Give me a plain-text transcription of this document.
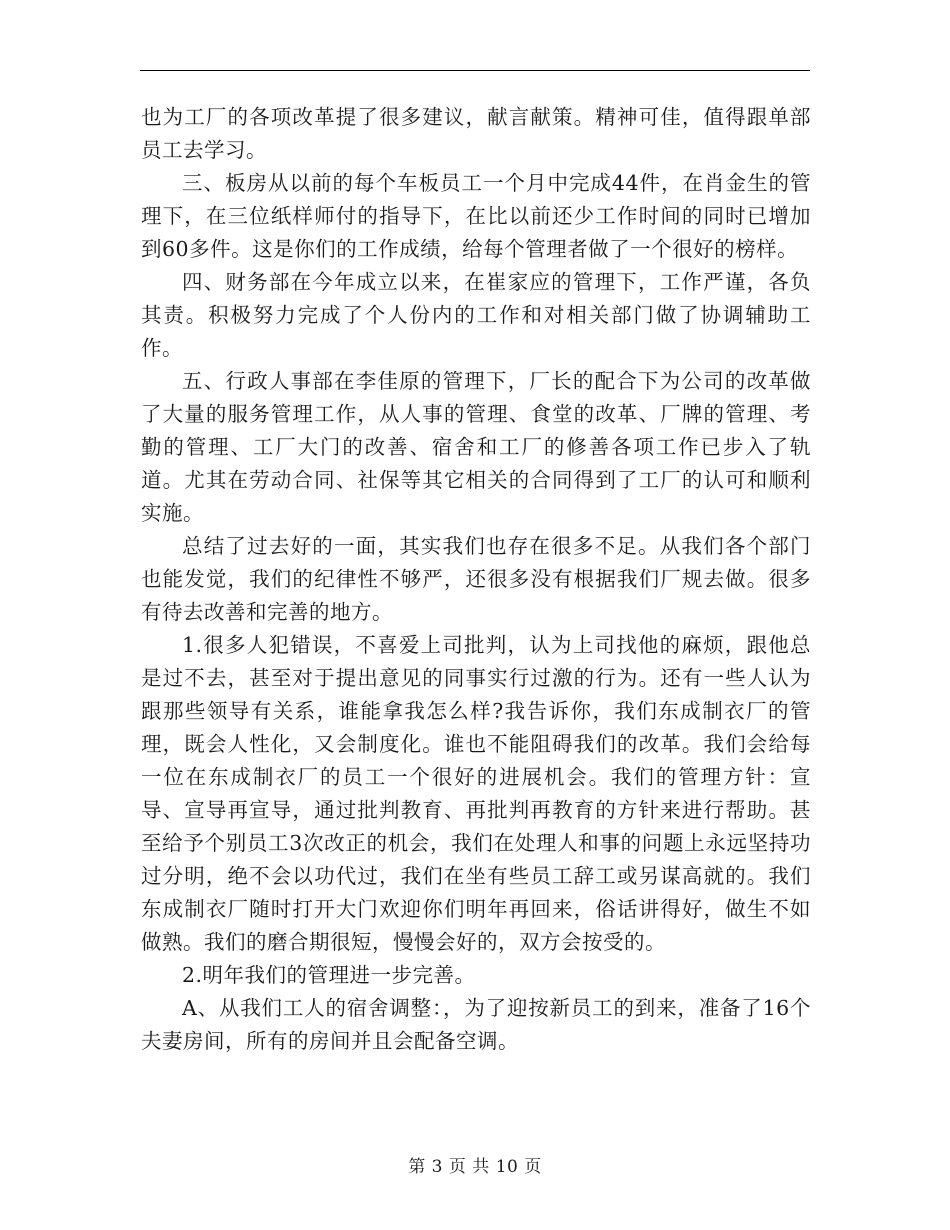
也为工厂的各项改革提了很多建议，献言献策。精神可佳，值得跟单部员工去学习。

三、板房从以前的每个车板员工一个月中完成44件，在肖金生的管理下，在三位纸样师付的指导下，在比以前还少工作时间的同时已增加到60多件。这是你们的工作成绩，给每个管理者做了一个很好的榜样。

四、财务部在今年成立以来，在崔家应的管理下，工作严谨，各负其责。积极努力完成了个人份内的工作和对相关部门做了协调辅助工作。

五、行政人事部在李佳原的管理下，厂长的配合下为公司的改革做了大量的服务管理工作，从人事的管理、食堂的改革、厂牌的管理、考勤的管理、工厂大门的改善、宿舍和工厂的修善各项工作已步入了轨道。尤其在劳动合同、社保等其它相关的合同得到了工厂的认可和顺利实施。

总结了过去好的一面，其实我们也存在很多不足。从我们各个部门也能发觉，我们的纪律性不够严，还很多没有根据我们厂规去做。很多有待去改善和完善的地方。

1.很多人犯错误，不喜爱上司批判，认为上司找他的麻烦，跟他总是过不去，甚至对于提出意见的同事实行过激的行为。还有一些人认为跟那些领导有关系，谁能拿我怎么样?我告诉你，我们东成制衣厂的管理，既会人性化，又会制度化。谁也不能阻碍我们的改革。我们会给每一位在东成制衣厂的员工一个很好的进展机会。我们的管理方针：宣导、宣导再宣导，通过批判教育、再批判再教育的方针来进行帮助。甚至给予个别员工3次改正的机会，我们在处理人和事的问题上永远坚持功过分明，绝不会以功代过，我们在坐有些员工辞工或另谋高就的。我们东成制衣厂随时打开大门欢迎你们明年再回来，俗话讲得好，做生不如做熟。我们的磨合期很短，慢慢会好的，双方会按受的。

2.明年我们的管理进一步完善。

A、从我们工人的宿舍调整：，为了迎按新员工的到来，准备了16个夫妻房间，所有的房间并且会配备空调。

第 3 页 共 10 页
